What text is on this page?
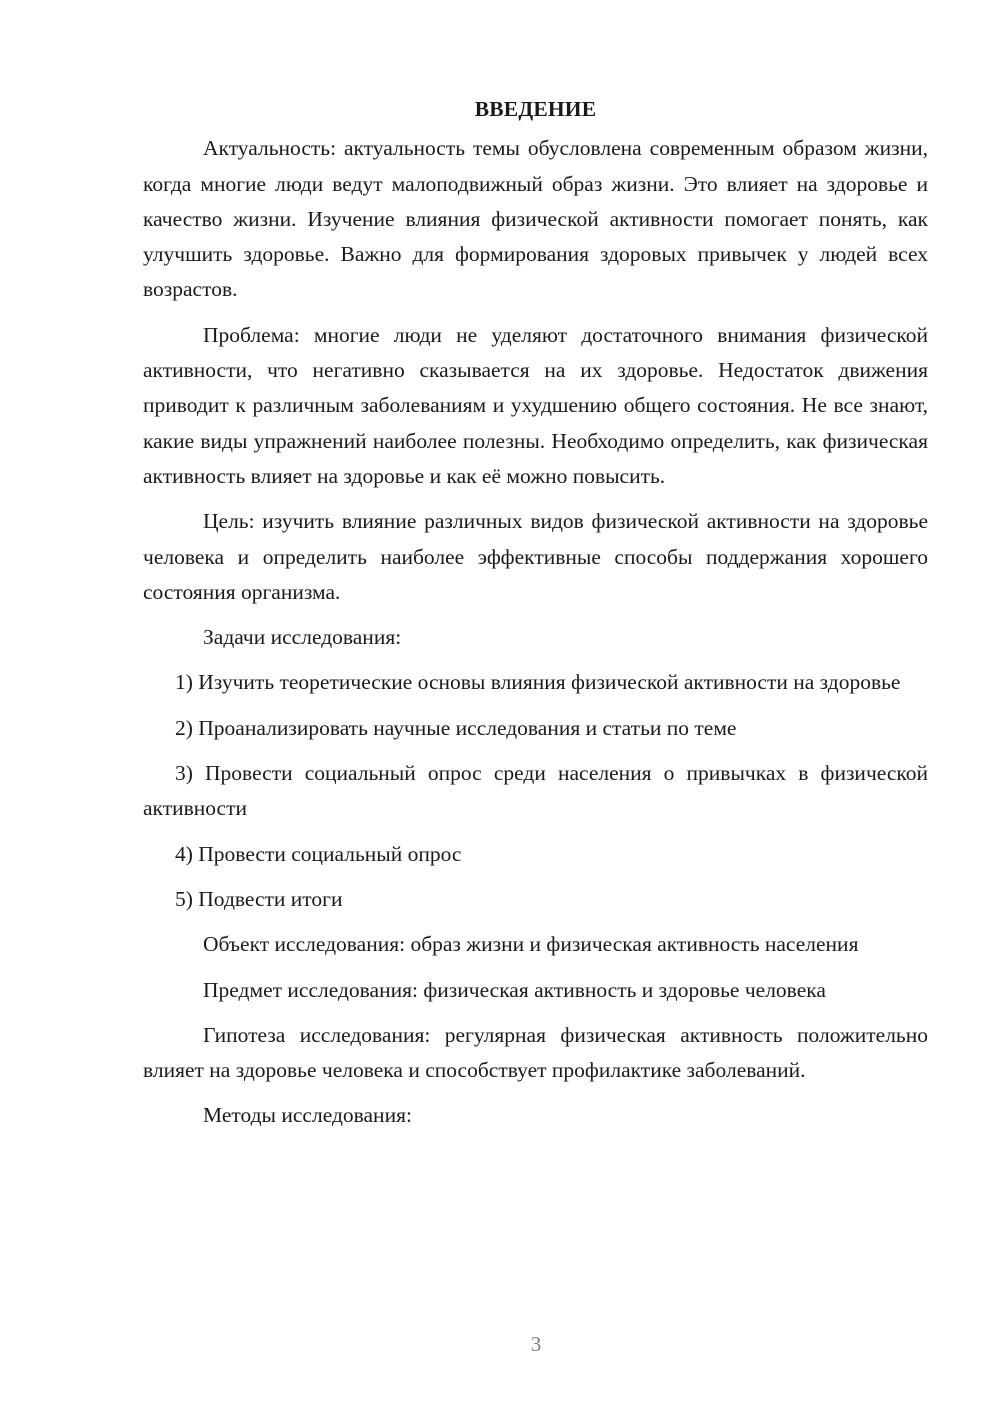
ВВЕДЕНИЕ

Актуальность: актуальность темы обусловлена современным образом жизни, когда многие люди ведут малоподвижный образ жизни. Это влияет на здоровье и качество жизни. Изучение влияния физической активности помогает понять, как улучшить здоровье. Важно для формирования здоровых привычек у людей всех возрастов.

Проблема: многие люди не уделяют достаточного внимания физической активности, что негативно сказывается на их здоровье. Недостаток движения приводит к различным заболеваниям и ухудшению общего состояния. Не все знают, какие виды упражнений наиболее полезны. Необходимо определить, как физическая активность влияет на здоровье и как её можно повысить.

Цель: изучить влияние различных видов физической активности на здоровье человека и определить наиболее эффективные способы поддержания хорошего состояния организма.

Задачи исследования:

1) Изучить теоретические основы влияния физической активности на здоровье

2) Проанализировать научные исследования и статьи по теме

3) Провести социальный опрос среди населения о привычках в физической активности

4) Провести социальный опрос

5) Подвести итоги

Объект исследования: образ жизни и физическая активность населения

Предмет исследования: физическая активность и здоровье человека

Гипотеза исследования: регулярная физическая активность положительно влияет на здоровье человека и способствует профилактике заболеваний.

Методы исследования:

3
